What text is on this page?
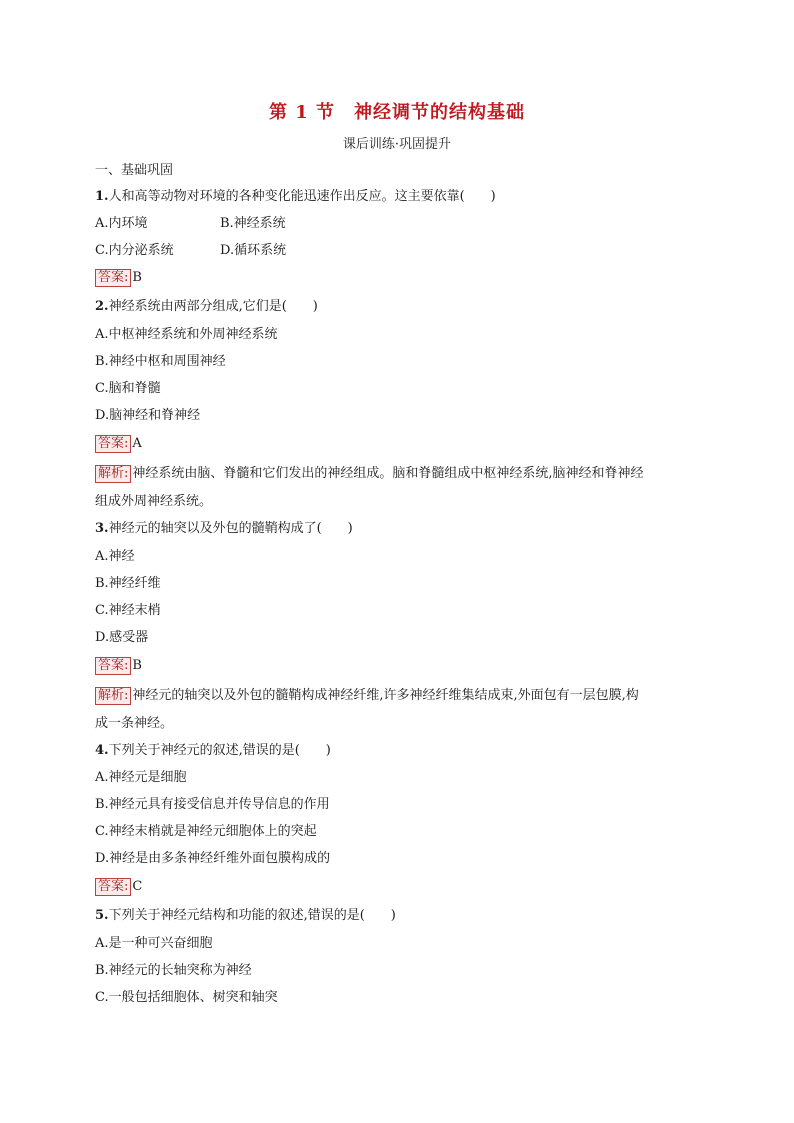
第 1 节　神经调节的结构基础
课后训练·巩固提升
一、基础巩固
1.人和高等动物对环境的各种变化能迅速作出反应。这主要依靠(　　)
A.内环境	B.神经系统
C.内分泌系统	D.循环系统
答案: B
2.神经系统由两部分组成,它们是(　　)
A.中枢神经系统和外周神经系统
B.神经中枢和周围神经
C.脑和脊髓
D.脑神经和脊神经
答案: A
解析: 神经系统由脑、脊髓和它们发出的神经组成。脑和脊髓组成中枢神经系统,脑神经和脊神经
组成外周神经系统。
3.神经元的轴突以及外包的髓鞘构成了(　　)
A.神经
B.神经纤维
C.神经末梢
D.感受器
答案: B
解析: 神经元的轴突以及外包的髓鞘构成神经纤维,许多神经纤维集结成束,外面包有一层包膜,构
成一条神经。
4.下列关于神经元的叙述,错误的是(　　)
A.神经元是细胞
B.神经元具有接受信息并传导信息的作用
C.神经末梢就是神经元细胞体上的突起
D.神经是由多条神经纤维外面包膜构成的
答案: C
5.下列关于神经元结构和功能的叙述,错误的是(　　)
A.是一种可兴奋细胞
B.神经元的长轴突称为神经
C.一般包括细胞体、树突和轴突
